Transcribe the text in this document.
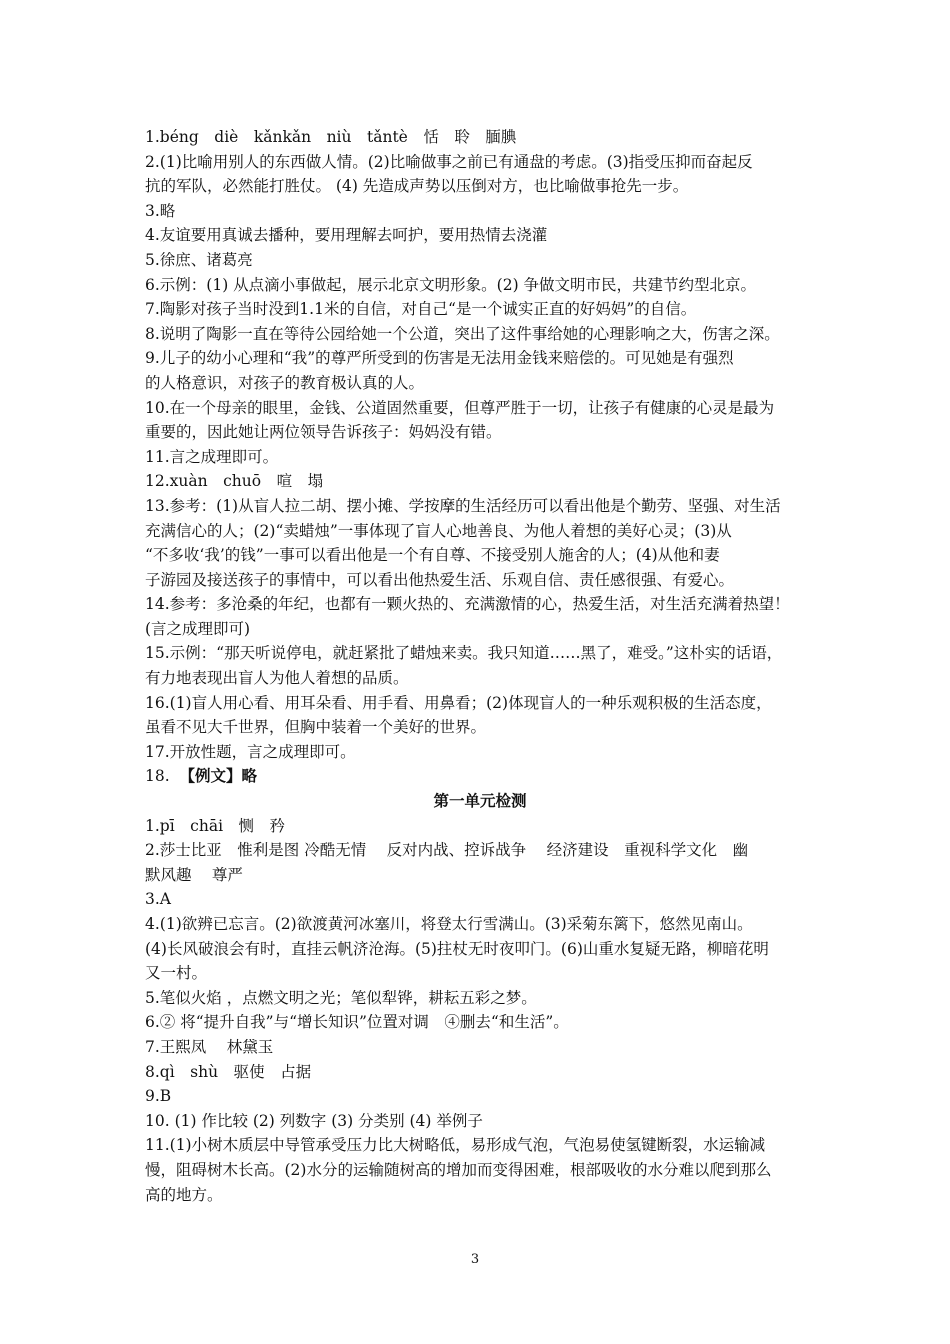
1.béng　diè　kǎnkǎn　niù　tǎntè　恬　聆　腼腆
2.(1)比喻用别人的东西做人情。(2)比喻做事之前已有通盘的考虑。(3)指受压抑而奋起反
抗的军队，必然能打胜仗。 (4) 先造成声势以压倒对方，也比喻做事抢先一步。
3.略
4.友谊要用真诚去播种，要用理解去呵护，要用热情去浇灌
5.徐庶、诸葛亮
6.示例：(1) 从点滴小事做起，展示北京文明形象。(2) 争做文明市民，共建节约型北京。
7.陶影对孩子当时没到1.1米的自信，对自己“是一个诚实正直的好妈妈”的自信。
8.说明了陶影一直在等待公园给她一个公道，突出了这件事给她的心理影响之大，伤害之深。
9.儿子的幼小心理和“我”的尊严所受到的伤害是无法用金钱来赔偿的。可见她是有强烈
的人格意识，对孩子的教育极认真的人。
10.在一个母亲的眼里，金钱、公道固然重要，但尊严胜于一切，让孩子有健康的心灵是最为
重要的，因此她让两位领导告诉孩子：妈妈没有错。
11.言之成理即可。
12.xuàn　chuō　喧　塌
13.参考：(1)从盲人拉二胡、摆小摊、学按摩的生活经历可以看出他是个勤劳、坚强、对生活
充满信心的人；(2)“卖蜡烛”一事体现了盲人心地善良、为他人着想的美好心灵；(3)从
“不多收‘我’的钱”一事可以看出他是一个有自尊、不接受别人施舍的人；(4)从他和妻
子游园及接送孩子的事情中，可以看出他热爱生活、乐观自信、责任感很强、有爱心。
14.参考：多沧桑的年纪，也都有一颗火热的、充满激情的心，热爱生活，对生活充满着热望！
(言之成理即可)
15.示例：“那天听说停电，就赶紧批了蜡烛来卖。我只知道……黑了，难受。”这朴实的话语，
有力地表现出盲人为他人着想的品质。
16.(1)盲人用心看、用耳朵看、用手看、用鼻看；(2)体现盲人的一种乐观积极的生活态度，
虽看不见大千世界，但胸中装着一个美好的世界。
17.开放性题，言之成理即可。
18. 【例文】略
第一单元检测
1.pī　chāi　恻　矜
2.莎士比亚　惟利是图 冷酷无情　 反对内战、控诉战争　 经济建设　重视科学文化　幽
默风趣　 尊严
3.A
4.(1)欲辨已忘言。(2)欲渡黄河冰塞川，将登太行雪满山。(3)采菊东篱下，悠然见南山。
(4)长风破浪会有时，直挂云帆济沧海。(5)拄杖无时夜叩门。(6)山重水复疑无路，柳暗花明
又一村。
5.笔似火焰 ，点燃文明之光；笔似犁铧，耕耘五彩之梦。
6.② 将“提升自我”与“增长知识”位置对调　④删去“和生活”。
7.王熙凤　 林黛玉
8.qì　shù　驱使　占据
9.B
10. (1) 作比较 (2) 列数字 (3) 分类别 (4) 举例子
11.(1)小树木质层中导管承受压力比大树略低，易形成气泡，气泡易使氢键断裂，水运输减
慢，阻碍树木长高。(2)水分的运输随树高的增加而变得困难，根部吸收的水分难以爬到那么
高的地方。
3
